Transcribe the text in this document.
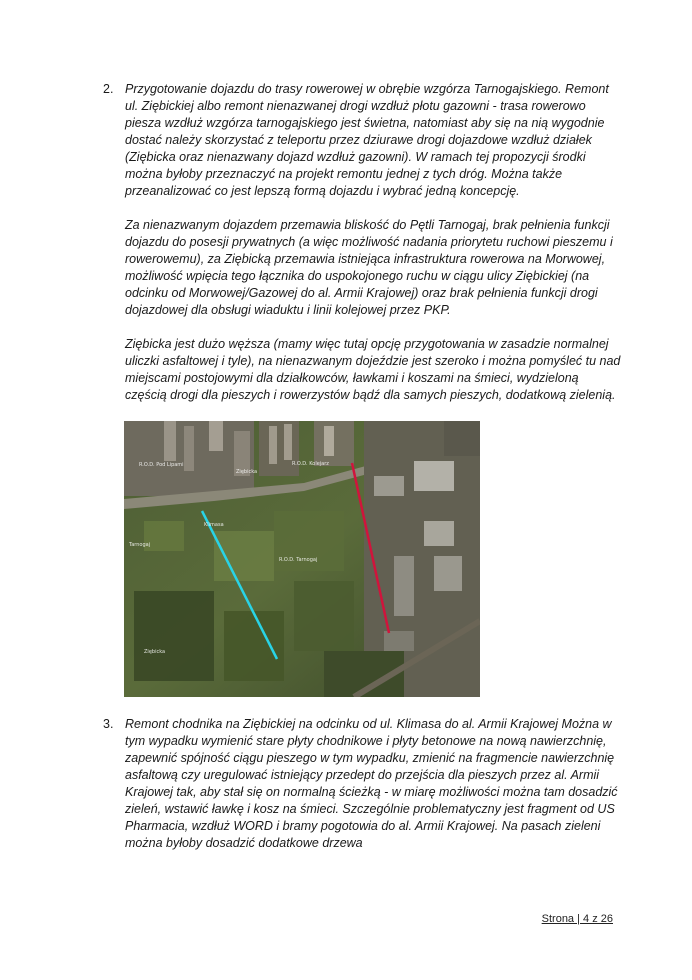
2. Przygotowanie dojazdu do trasy rowerowej w obrębie wzgórza Tarnogajskiego. Remont ul. Ziębickiej albo remont nienazwanej drogi wzdłuż płotu gazowni - trasa rowerowo piesza wzdłuż wzgórza tarnogajskiego jest świetna, natomiast aby się na nią wygodnie dostać należy skorzystać z teleportu przez dziurawe drogi dojazdowe wzdłuż działek (Ziębicka oraz nienazwany dojazd wzdłuż gazowni). W ramach tej propozycji środki można byłoby przeznaczyć na projekt remontu jednej z tych dróg. Można także przeanalizować co jest lepszą formą dojazdu i wybrać jedną koncepcję.

Za nienazwanym dojazdem przemawia bliskość do Pętli Tarnogaj, brak pełnienia funkcji dojazdu do posesji prywatnych (a więc możliwość nadania priorytetu ruchowi pieszemu i rowerowemu), za Ziębicką przemawia istniejąca infrastruktura rowerowa na Morwowej, możliwość wpięcia tego łącznika do uspokojonego ruchu w ciągu ulicy Ziębickiej (na odcinku od Morwowej/Gazowej do al. Armii Krajowej) oraz brak pełnienia funkcji drogi dojazdowej dla obsługi wiaduktu i linii kolejowej przez PKP.

Ziębicka jest dużo węższa (mamy więc tutaj opcję przygotowania w zasadzie normalnej uliczki asfaltowej i tyle), na nienazwanym dojeździe jest szeroko i można pomyśleć tu nad miejscami postojowymi dla działkowców, ławkami i koszami na śmieci, wydzieloną częścią drogi dla pieszych i rowerzystów bądź dla samych pieszych, dodatkową zielenią.

R.O.D. Pod Lipami
Ziębicka
R.O.D. Kolejarz
Klimasa
Tarnogaj
R.O.D. Tarnogaj
Ziębicka
3. Remont chodnika na Ziębickiej na odcinku od ul. Klimasa do al. Armii Krajowej Można w tym wypadku wymienić stare płyty chodnikowe i płyty betonowe na nową nawierzchnię, zapewnić spójność ciągu pieszego w tym wypadku, zmienić na fragmencie nawierzchnię asfaltową czy uregulować istniejący przedept do przejścia dla pieszych przez al. Armii Krajowej tak, aby stał się on normalną ścieżką - w miarę możliwości można tam dosadzić zieleń, wstawić ławkę i kosz na śmieci. Szczególnie problematyczny jest fragment od US Pharmacia, wzdłuż WORD i bramy pogotowia do al. Armii Krajowej. Na pasach zieleni można byłoby dosadzić dodatkowe drzewa

Strona | 4 z 26
